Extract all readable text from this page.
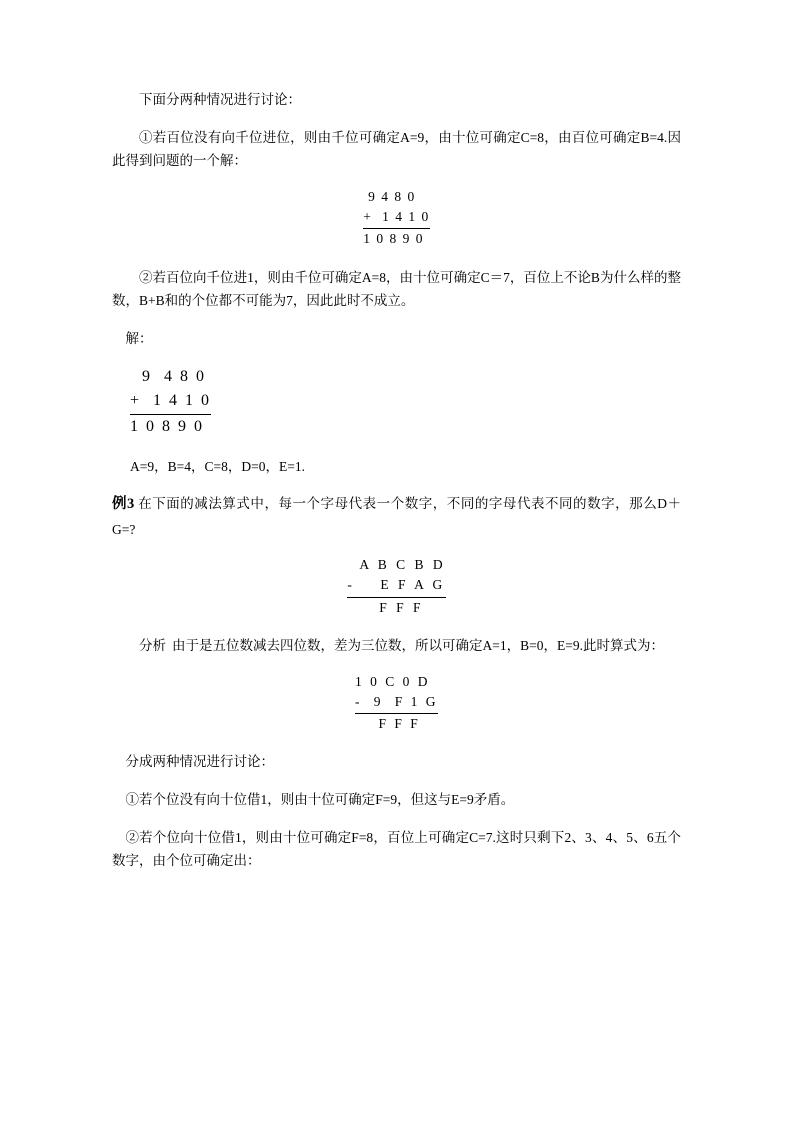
下面分两种情况进行讨论：

①若百位没有向千位进位，则由千位可确定A=9，由十位可确定C=8，由百位可确定B=4.因此得到问题的一个解：

9 4 8 0
+  1 4 1 0
1 0 8 9 0

②若百位向千位进1，则由千位可确定A=8，由十位可确定C＝7，百位上不论B为什么样的整数，B+B和的个位都不可能为7，因此此时不成立。

解：

9  4 8 0
+  1 4 1 0
1 0 8 9 0

A=9，B=4，C=8，D=0，E=1.

例3 在下面的减法算式中，每一个字母代表一个数字，不同的字母代表不同的数字，那么D＋G=?

A B C B D
-    E F A G
F F F

分析 由于是五位数减去四位数，差为三位数，所以可确定A=1，B=0，E=9.此时算式为：

1 0 C 0 D
-  9  F 1 G
F F F

分成两种情况进行讨论：

①若个位没有向十位借1，则由十位可确定F=9，但这与E=9矛盾。

②若个位向十位借1，则由十位可确定F=8，百位上可确定C=7.这时只剩下2、3、4、5、6五个数字，由个位可确定出：
